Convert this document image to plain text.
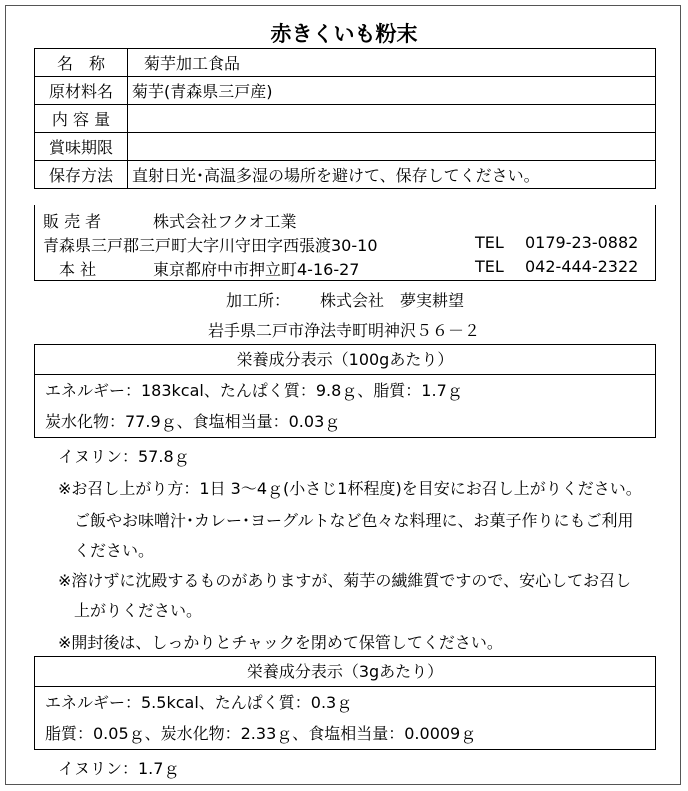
赤きくいも粉末
名　称	菊芋加工食品
原材料名	菊芋(青森県三戸産)
内 容 量	
賞味期限	
保存方法	直射日光･高温多湿の場所を避けて、保存してください。
販 売 者	株式会社フクオ工業
青森県三戸郡三戸町大字川守田字西張渡30-10	TEL 0179-23-0882
本 社	東京都府中市押立町4-16-27	TEL 042-444-2322
加工所： 株式会社　夢実耕望
岩手県二戸市浄法寺町明神沢５６－２
栄養成分表示（100gあたり）
エネルギー：183kcal、たんぱく質：9.8ｇ、脂質：1.7ｇ
炭水化物：77.9ｇ、食塩相当量：0.03ｇ
イヌリン：57.8ｇ
※お召し上がり方：1日 3～4ｇ(小さじ1杯程度)を目安にお召し上がりください。
ご飯やお味噌汁･カレー･ヨーグルトなど色々な料理に、お菓子作りにもご利用
ください。
※溶けずに沈殿するものがありますが、菊芋の繊維質ですので、安心してお召し
上がりください。
※開封後は、しっかりとチャックを閉めて保管してください。
栄養成分表示（3gあたり）
エネルギー：5.5kcal、たんぱく質：0.3ｇ
脂質：0.05ｇ、炭水化物：2.33ｇ、食塩相当量：0.0009ｇ
イヌリン：1.7ｇ
